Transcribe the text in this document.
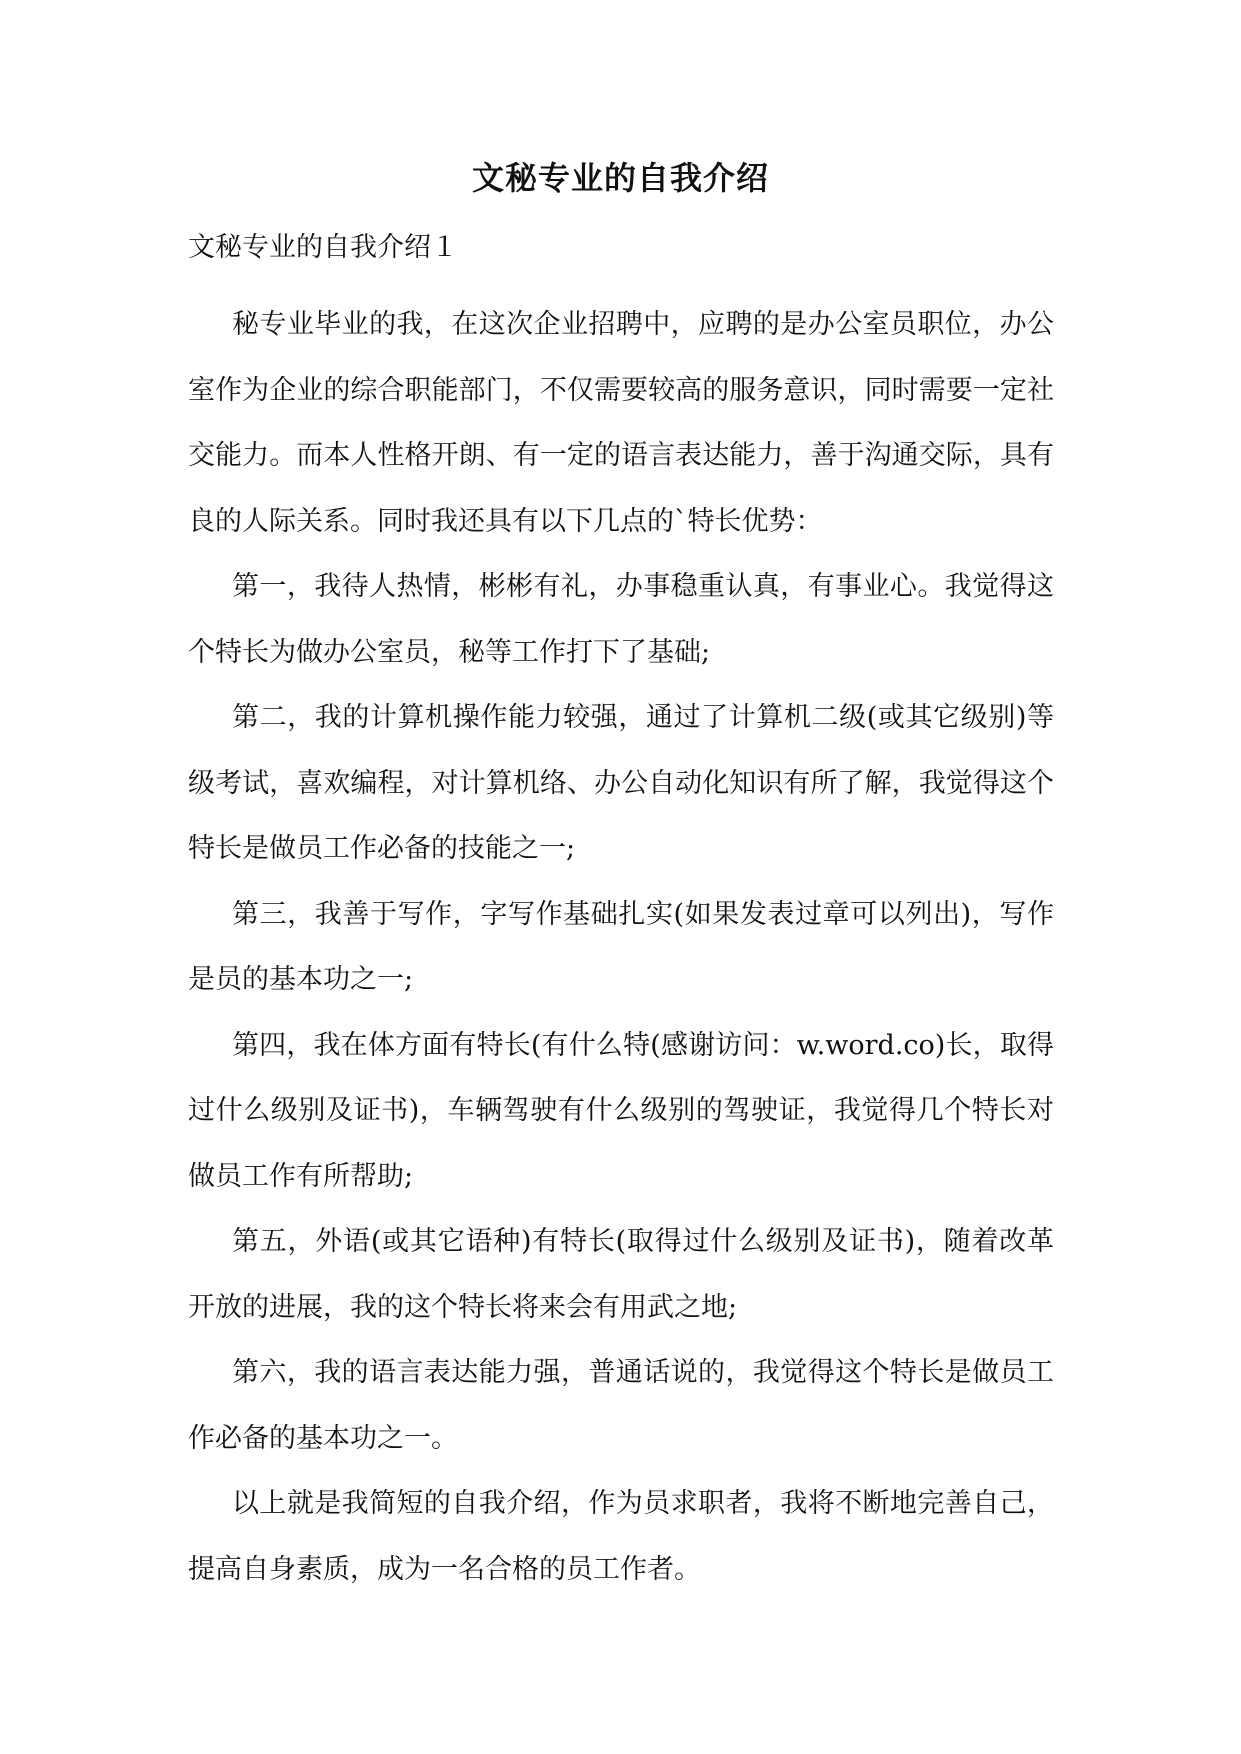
文秘专业的自我介绍
文秘专业的自我介绍１

秘专业毕业的我，在这次企业招聘中，应聘的是办公室员职位，办公室作为企业的综合职能部门，不仅需要较高的服务意识，同时需要一定社交能力。而本人性格开朗、有一定的语言表达能力，善于沟通交际，具有良的人际关系。同时我还具有以下几点的`特长优势：

第一，我待人热情，彬彬有礼，办事稳重认真，有事业心。我觉得这个特长为做办公室员，秘等工作打下了基础;

第二，我的计算机操作能力较强，通过了计算机二级(或其它级别)等级考试，喜欢编程，对计算机络、办公自动化知识有所了解，我觉得这个特长是做员工作必备的技能之一;

第三，我善于写作，字写作基础扎实(如果发表过章可以列出)，写作是员的基本功之一;

第四，我在体方面有特长(有什么特(感谢访问：w.word.co)长，取得过什么级别及证书)，车辆驾驶有什么级别的驾驶证，我觉得几个特长对做员工作有所帮助;

第五，外语(或其它语种)有特长(取得过什么级别及证书)，随着改革开放的进展，我的这个特长将来会有用武之地;

第六，我的语言表达能力强，普通话说的，我觉得这个特长是做员工作必备的基本功之一。

以上就是我简短的自我介绍，作为员求职者，我将不断地完善自己，提高自身素质，成为一名合格的员工作者。
